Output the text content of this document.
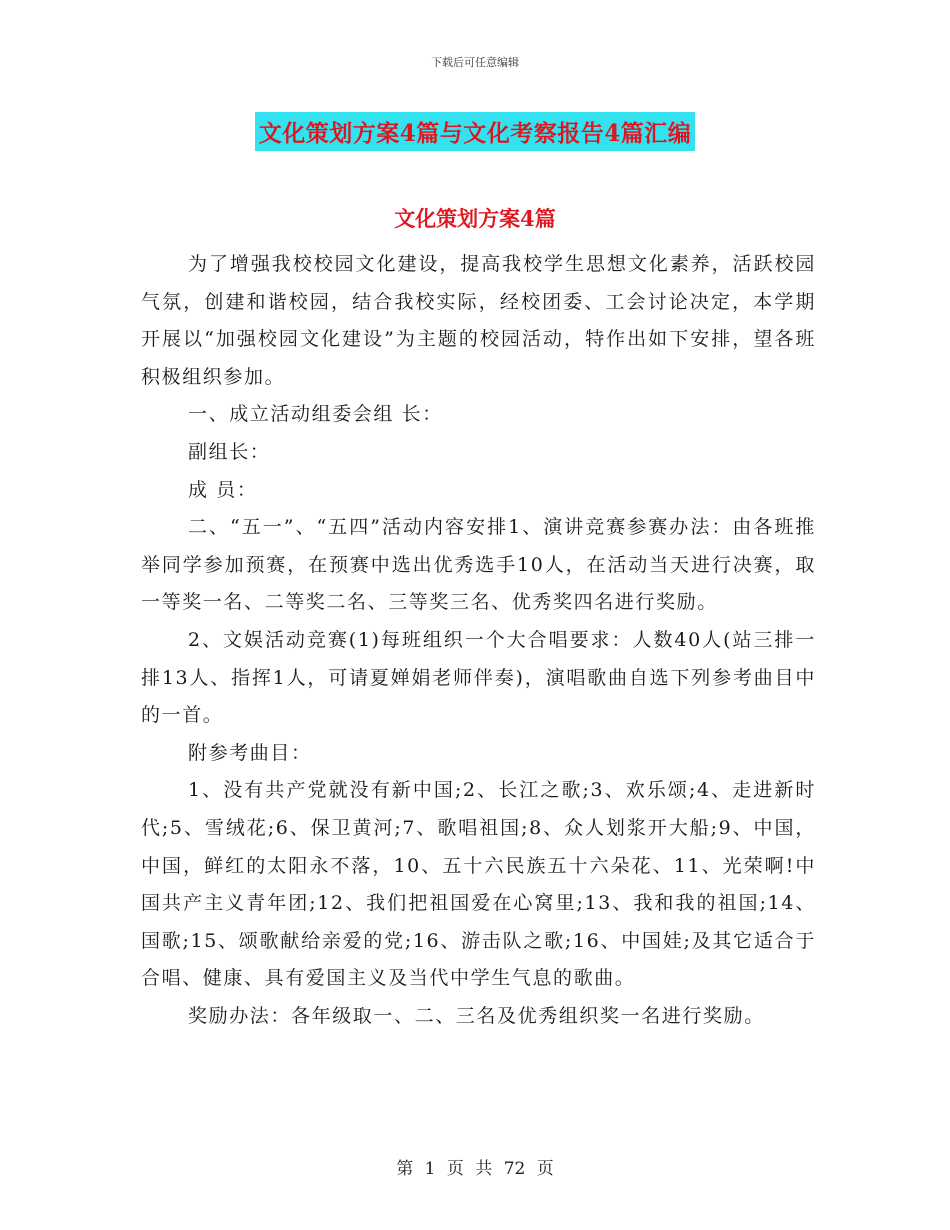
下载后可任意编辑
文化策划方案4篇与文化考察报告4篇汇编
文化策划方案4篇

为了增强我校校园文化建设，提高我校学生思想文化素养，活跃校园气氛，创建和谐校园，结合我校实际，经校团委、工会讨论决定，本学期开展以“加强校园文化建设”为主题的校园活动，特作出如下安排，望各班积极组织参加。

一、成立活动组委会组 长：

副组长：

成 员：

二、“五一”、“五四”活动内容安排1、演讲竞赛参赛办法：由各班推举同学参加预赛，在预赛中选出优秀选手10人，在活动当天进行决赛，取一等奖一名、二等奖二名、三等奖三名、优秀奖四名进行奖励。

2、文娱活动竞赛(1)每班组织一个大合唱要求：人数40人(站三排一排13人、指挥1人，可请夏婵娟老师伴奏)，演唱歌曲自选下列参考曲目中的一首。

附参考曲目：

1、没有共产党就没有新中国;2、长江之歌;3、欢乐颂;4、走进新时代;5、雪绒花;6、保卫黄河;7、歌唱祖国;8、众人划浆开大船;9、中国，中国，鲜红的太阳永不落，10、五十六民族五十六朵花、11、光荣啊!中国共产主义青年团;12、我们把祖国爱在心窝里;13、我和我的祖国;14、国歌;15、颂歌献给亲爱的党;16、游击队之歌;16、中国娃;及其它适合于合唱、健康、具有爱国主义及当代中学生气息的歌曲。

奖励办法：各年级取一、二、三名及优秀组织奖一名进行奖励。

第 1 页 共 72 页
